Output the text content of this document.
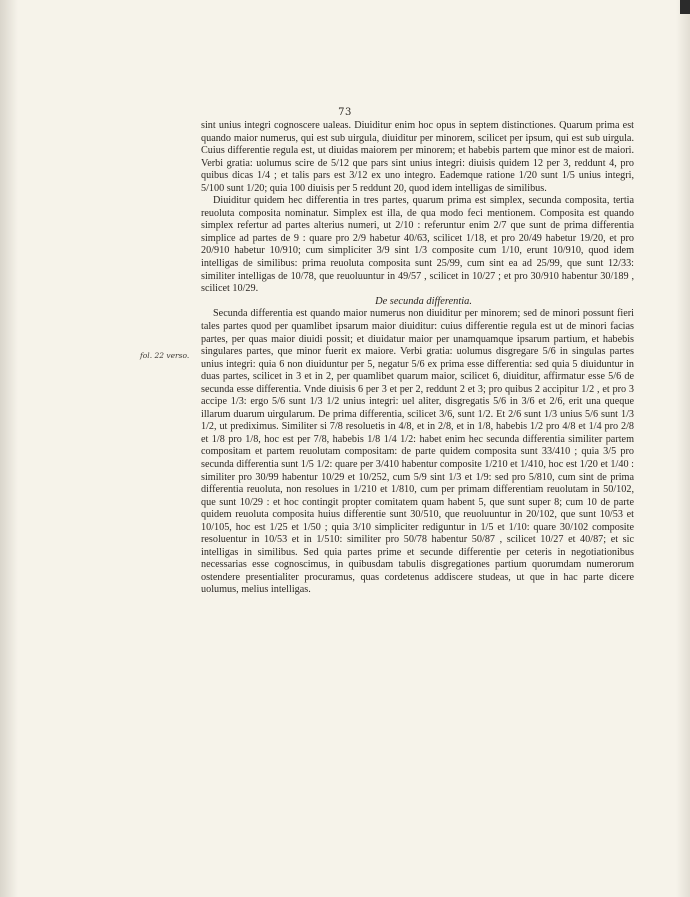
73
fol. 22 verso.

sint unius integri cognoscere ualeas. Diuiditur enim hoc opus in septem distinctiones. Quarum prima est quando maior numerus, qui est sub uirgula, diuiditur per minorem, scilicet per ipsum, qui est sub uirgula. Cuius differentie regula est, ut diuidas maiorem per minorem; et habebis partem que minor est de maiori. Verbi gratia: uolumus scire de 5/12 que pars sint unius integri: diuisis quidem 12 per 3, reddunt 4, pro quibus dicas 1/4 ; et talis pars est 3/12 ex uno integro. Eademque ratione 1/20 sunt 1/5 unius integri, 5/100 sunt 1/20; quia 100 diuisis per 5 reddunt 20, quod idem intelligas de similibus.

Diuiditur quidem hec differentia in tres partes, quarum prima est simplex, secunda composita, tertia reuoluta composita nominatur. Simplex est illa, de qua modo feci mentionem. Composita est quando simplex refertur ad partes alterius numeri, ut 2/10 : referuntur enim 2/7 que sunt de prima differentia simplice ad partes de 9 : quare pro 2/9 habetur 40/63, scilicet 1/18, et pro 20/49 habetur 19/20, et pro 20/910 habetur 10/910; cum simpliciter 3/9 sint 1/3 composite cum 1/10, erunt 10/910, quod idem intelligas de similibus: prima reuoluta composita sunt 25/99, cum sint ea ad 25/99, que sunt 12/33: similiter intelligas de 10/78, que reuoluuntur in 49/57 , scilicet in 10/27 ; et pro 30/910 habentur 30/189 , scilicet 10/29.

De secunda differentia.

Secunda differentia est quando maior numerus non diuiditur per minorem; sed de minori possunt fieri tales partes quod per quamlibet ipsarum maior diuiditur: cuius differentie regula est ut de minori facias partes, per quas maior diuidi possit; et diuidatur maior per unamquamque ipsarum partium, et habebis singulares partes, que minor fuerit ex maiore. Verbi gratia: uolumus disgregare 5/6 in singulas partes unius integri: quia 6 non diuiduntur per 5, negatur 5/6 ex prima esse differentia: sed quia 5 diuiduntur in duas partes, scilicet in 3 et in 2, per quamlibet quarum maior, scilicet 6, diuiditur, affirmatur esse 5/6 de secunda esse differentia. Vnde diuisis 6 per 3 et per 2, reddunt 2 et 3; pro quibus 2 accipitur 1/2 , et pro 3 accipe 1/3: ergo 5/6 sunt 1/3 1/2 unius integri: uel aliter, disgregatis 5/6 in 3/6 et 2/6, erit una queque illarum duarum uirgularum. De prima differentia, scilicet 3/6, sunt 1/2. Et 2/6 sunt 1/3 unius 5/6 sunt 1/3 1/2, ut prediximus. Similiter si 7/8 resoluetis in 4/8, et in 2/8, et in 1/8, habebis 1/2 pro 4/8 et 1/4 pro 2/8 et 1/8 pro 1/8, hoc est per 7/8, habebis 1/8 1/4 1/2: habet enim hec secunda differentia similiter partem compositam et partem reuolutam compositam: de parte quidem composita sunt 33/410 ; quia 3/5 pro secunda differentia sunt 1/5 1/2: quare per 3/410 habentur composite 1/210 et 1/410, hoc est 1/20 et 1/40 : similiter pro 30/99 habentur 10/29 et 10/252, cum 5/9 sint 1/3 et 1/9: sed pro 5/810, cum sint de prima differentia reuoluta, non resolues in 1/210 et 1/810, cum per primam differentiam reuolutam in 50/102, que sunt 10/29 : et hoc contingit propter comitatem quam habent 5, que sunt super 8; cum 10 de parte quidem reuoluta composita huius differentie sunt 30/510, que reuoluuntur in 20/102, que sunt 10/53 et 10/105, hoc est 1/25 et 1/50 ; quia 3/10 simpliciter rediguntur in 1/5 et 1/10: quare 30/102 composite resoluentur in 10/53 et in 1/510: similiter pro 50/78 habentur 50/87 , scilicet 10/27 et 40/87; et sic intelligas in similibus. Sed quia partes prime et secunde differentie per ceteris in negotiationibus necessarias esse cognoscimus, in quibusdam tabulis disgregationes partium quorumdam numerorum ostendere presentialiter procuramus, quas cordetenus addiscere studeas, ut que in hac parte dicere uolumus, melius intelligas.
